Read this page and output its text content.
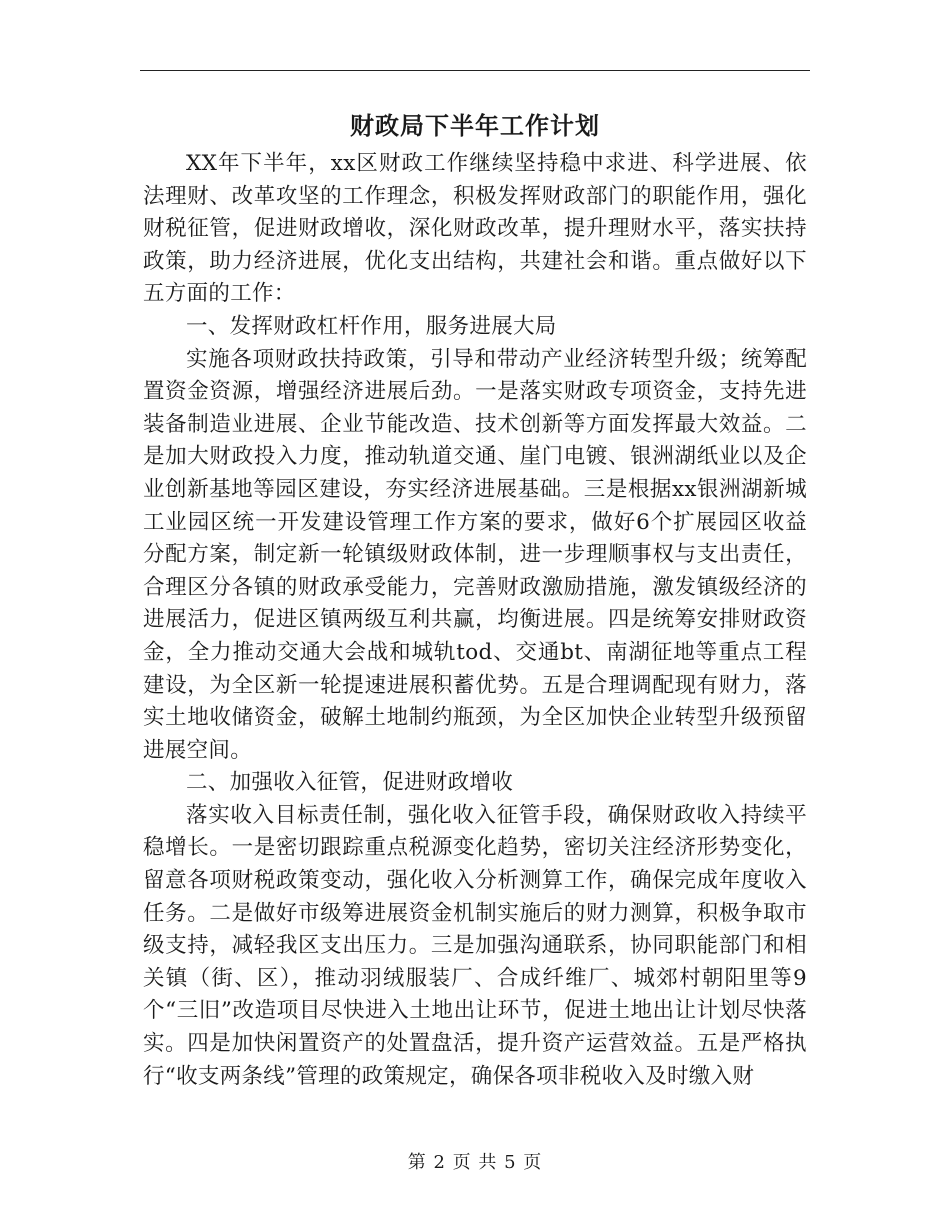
财政局下半年工作计划

XX年下半年，xx区财政工作继续坚持稳中求进、科学进展、依法理财、改革攻坚的工作理念，积极发挥财政部门的职能作用，强化财税征管，促进财政增收，深化财政改革，提升理财水平，落实扶持政策，助力经济进展，优化支出结构，共建社会和谐。重点做好以下五方面的工作：

一、发挥财政杠杆作用，服务进展大局

实施各项财政扶持政策，引导和带动产业经济转型升级；统筹配置资金资源，增强经济进展后劲。一是落实财政专项资金，支持先进装备制造业进展、企业节能改造、技术创新等方面发挥最大效益。二是加大财政投入力度，推动轨道交通、崖门电镀、银洲湖纸业以及企业创新基地等园区建设，夯实经济进展基础。三是根据xx银洲湖新城工业园区统一开发建设管理工作方案的要求，做好6个扩展园区收益分配方案，制定新一轮镇级财政体制，进一步理顺事权与支出责任，合理区分各镇的财政承受能力，完善财政激励措施，激发镇级经济的进展活力，促进区镇两级互利共赢，均衡进展。四是统筹安排财政资金，全力推动交通大会战和城轨tod、交通bt、南湖征地等重点工程建设，为全区新一轮提速进展积蓄优势。五是合理调配现有财力，落实土地收储资金，破解土地制约瓶颈，为全区加快企业转型升级预留进展空间。

二、加强收入征管，促进财政增收

落实收入目标责任制，强化收入征管手段，确保财政收入持续平稳增长。一是密切跟踪重点税源变化趋势，密切关注经济形势变化，留意各项财税政策变动，强化收入分析测算工作，确保完成年度收入任务。二是做好市级筹进展资金机制实施后的财力测算，积极争取市级支持，减轻我区支出压力。三是加强沟通联系，协同职能部门和相关镇（街、区），推动羽绒服装厂、合成纤维厂、城郊村朝阳里等9个“三旧”改造项目尽快进入土地出让环节，促进土地出让计划尽快落实。四是加快闲置资产的处置盘活，提升资产运营效益。五是严格执行“收支两条线”管理的政策规定，确保各项非税收入及时缴入财

第 2 页 共 5 页
